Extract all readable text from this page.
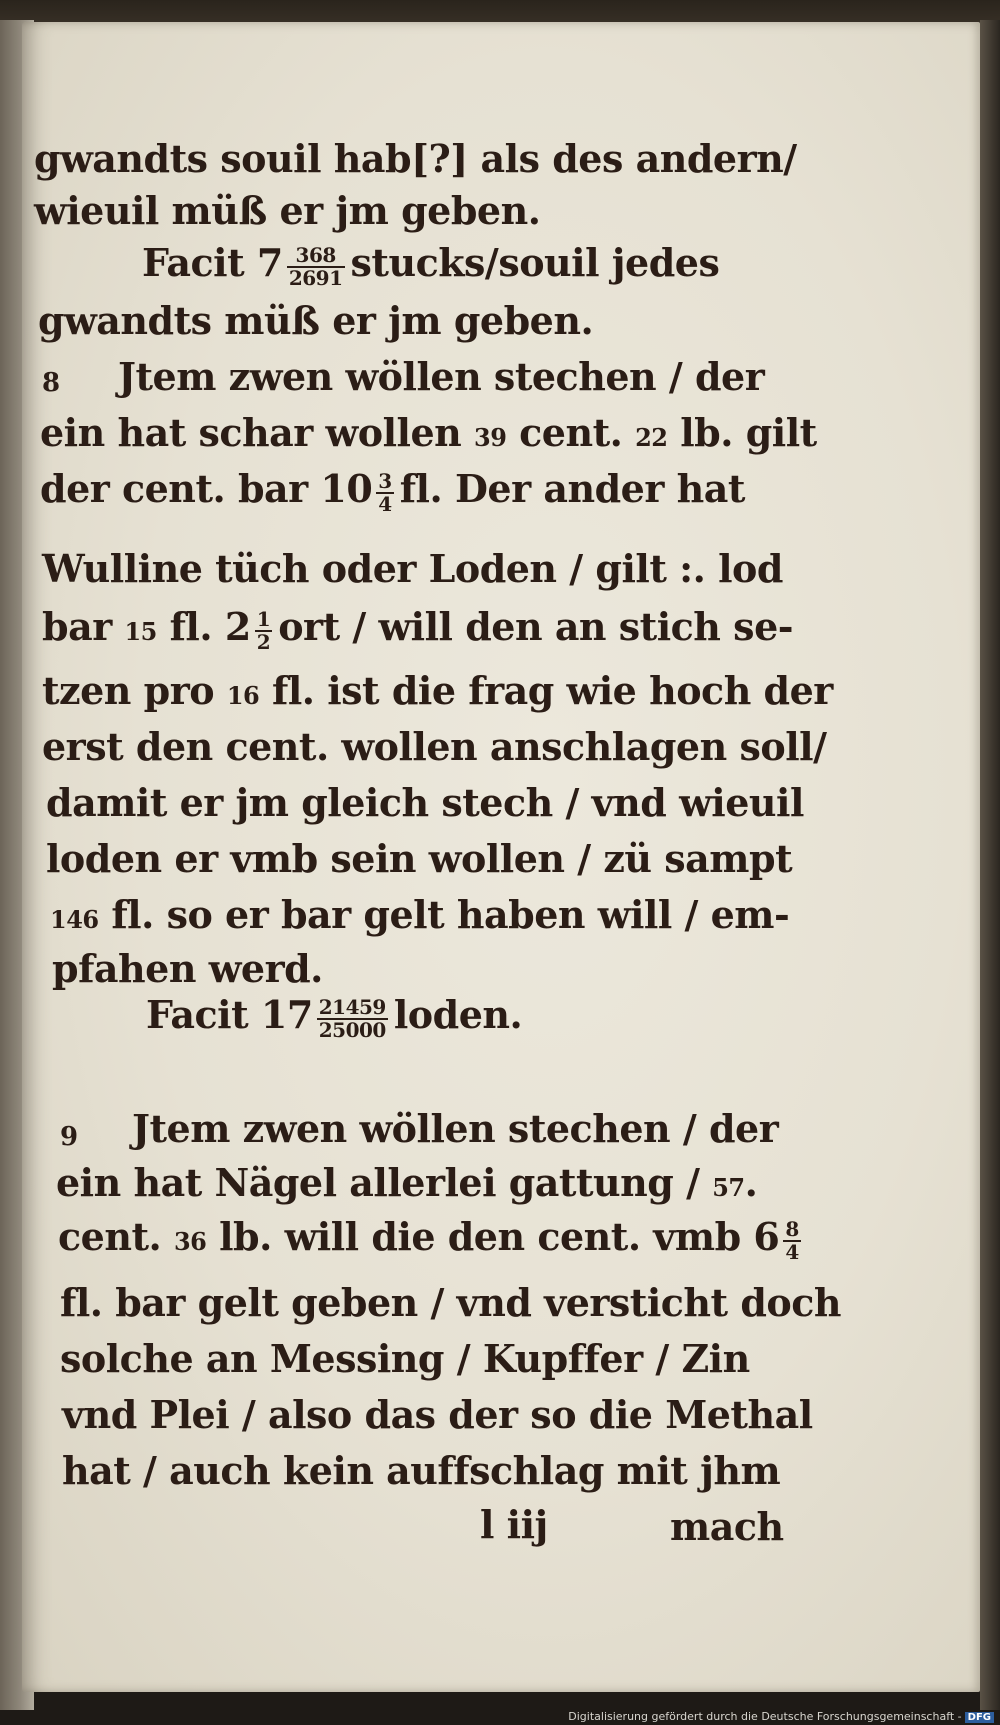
gwandts souil hab[?] als des andern/

wieuil müß er jm geben.

Facit $7 \frac{368}{2691}$ stucks/souil jedes

gwandts müß er jm geben.

8 Jtem zwen wöllen stechen / der

ein hat schar wollen 39 cent. 22 lb. gilt

der cent. bar $10 \frac{3}{4}$ fl. Der ander hat

Wulline tüch oder Loden / gilt :. lod

bar 15 fl. $2 \frac{1}{2}$ ort / will den an stich se-

tzen pro 16 fl. ist die frag wie hoch der

erst den cent. wollen anschlagen soll/

damit er jm gleich stech / vnd wieuil

loden er vmb sein wollen / zü sampt

146 fl. so er bar gelt haben will / em-

pfahen werd.

Facit $17 \frac{21459}{25000}$ loden.

9 Jtem zwen wöllen stechen / der

ein hat Nägel allerlei gattung / 57.

cent. 36 lb. will die den cent. vmb $6 \frac{8}{4}$

fl. bar gelt geben / vnd versticht doch

solche an Messing / Kupffer / Zin

vnd Plei / also das der so die Methal

hat / auch kein auffschlag mit jhm

l iij	mach
Digitalisierung gefördert durch die Deutsche Forschungsgemeinschaft - DFG
